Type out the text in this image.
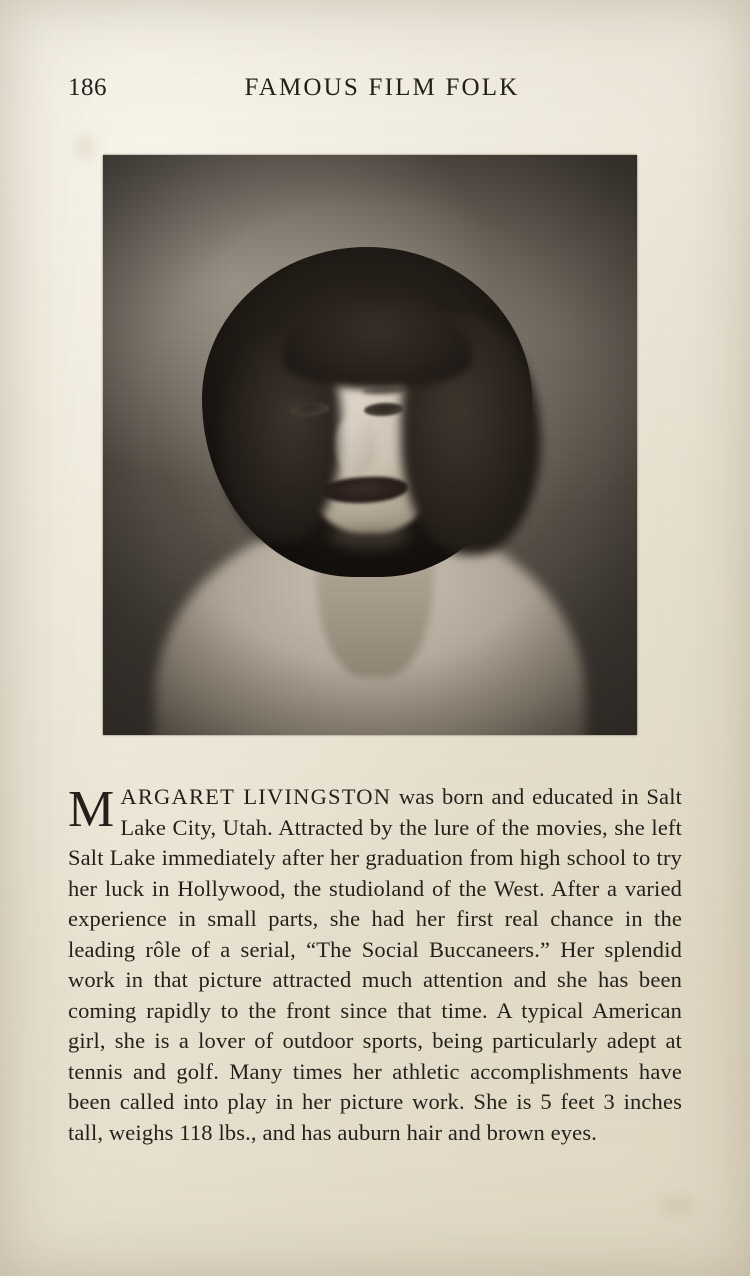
186	FAMOUS FILM FOLK

MARGARET LIVINGSTON was born and educated in Salt Lake City, Utah. Attracted by the lure of the movies, she left Salt Lake immediately after her graduation from high school to try her luck in Hollywood, the studioland of the West. After a varied experience in small parts, she had her first real chance in the leading rôle of a serial, “The Social Buccaneers.” Her splendid work in that picture attracted much attention and she has been coming rapidly to the front since that time. A typical American girl, she is a lover of outdoor sports, being particularly adept at tennis and golf. Many times her athletic accomplishments have been called into play in her picture work. She is 5 feet 3 inches tall, weighs 118 lbs., and has auburn hair and brown eyes.
